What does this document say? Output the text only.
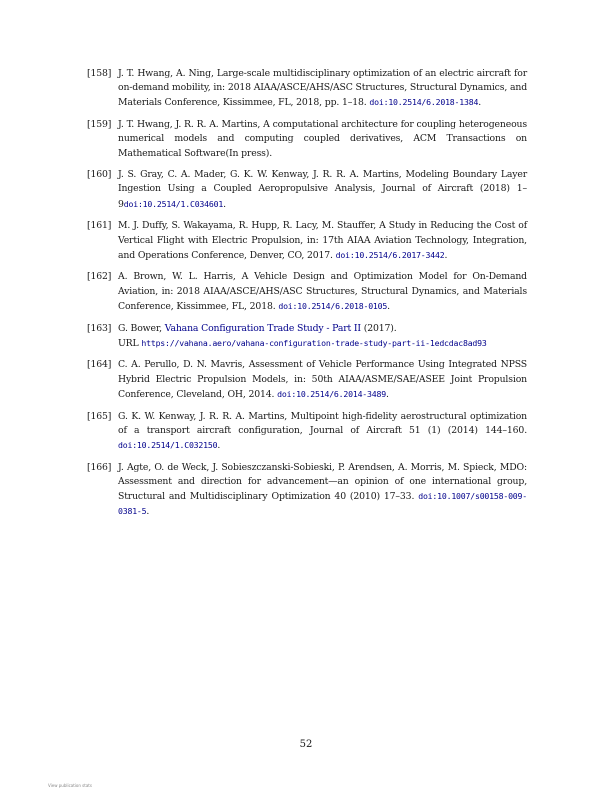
[158] J. T. Hwang, A. Ning, Large-scale multidisciplinary optimization of an electric aircraft for on-demand mobility, in: 2018 AIAA/ASCE/AHS/ASC Structures, Structural Dynamics, and Materials Conference, Kissimmee, FL, 2018, pp. 1–18. doi:10.2514/6.2018-1384.
[159] J. T. Hwang, J. R. R. A. Martins, A computational architecture for coupling heterogeneous numerical models and computing coupled derivatives, ACM Transactions on Mathematical Software(In press).
[160] J. S. Gray, C. A. Mader, G. K. W. Kenway, J. R. R. A. Martins, Modeling Boundary Layer Ingestion Using a Coupled Aeropropulsive Analysis, Journal of Aircraft (2018) 1–9doi:10.2514/1.C034601.
[161] M. J. Duffy, S. Wakayama, R. Hupp, R. Lacy, M. Stauffer, A Study in Reducing the Cost of Vertical Flight with Electric Propulsion, in: 17th AIAA Aviation Technology, Integration, and Operations Conference, Denver, CO, 2017. doi:10.2514/6.2017-3442.
[162] A. Brown, W. L. Harris, A Vehicle Design and Optimization Model for On-Demand Aviation, in: 2018 AIAA/ASCE/AHS/ASC Structures, Structural Dynamics, and Materials Conference, Kissimmee, FL, 2018. doi:10.2514/6.2018-0105.
[163] G. Bower, Vahana Configuration Trade Study - Part II (2017).
URL https://vahana.aero/vahana-configuration-trade-study-part-ii-1edcdac8ad93
[164] C. A. Perullo, D. N. Mavris, Assessment of Vehicle Performance Using Integrated NPSS Hybrid Electric Propulsion Models, in: 50th AIAA/ASME/SAE/ASEE Joint Propulsion Conference, Cleveland, OH, 2014. doi:10.2514/6.2014-3489.
[165] G. K. W. Kenway, J. R. R. A. Martins, Multipoint high-fidelity aerostructural optimization of a transport aircraft configuration, Journal of Aircraft 51 (1) (2014) 144–160. doi:10.2514/1.C032150.
[166] J. Agte, O. de Weck, J. Sobieszczanski-Sobieski, P. Arendsen, A. Morris, M. Spieck, MDO: Assessment and direction for advancement—an opinion of one international group, Structural and Multidisciplinary Optimization 40 (2010) 17–33. doi:10.1007/s00158-009-0381-5.
52
View publication stats
